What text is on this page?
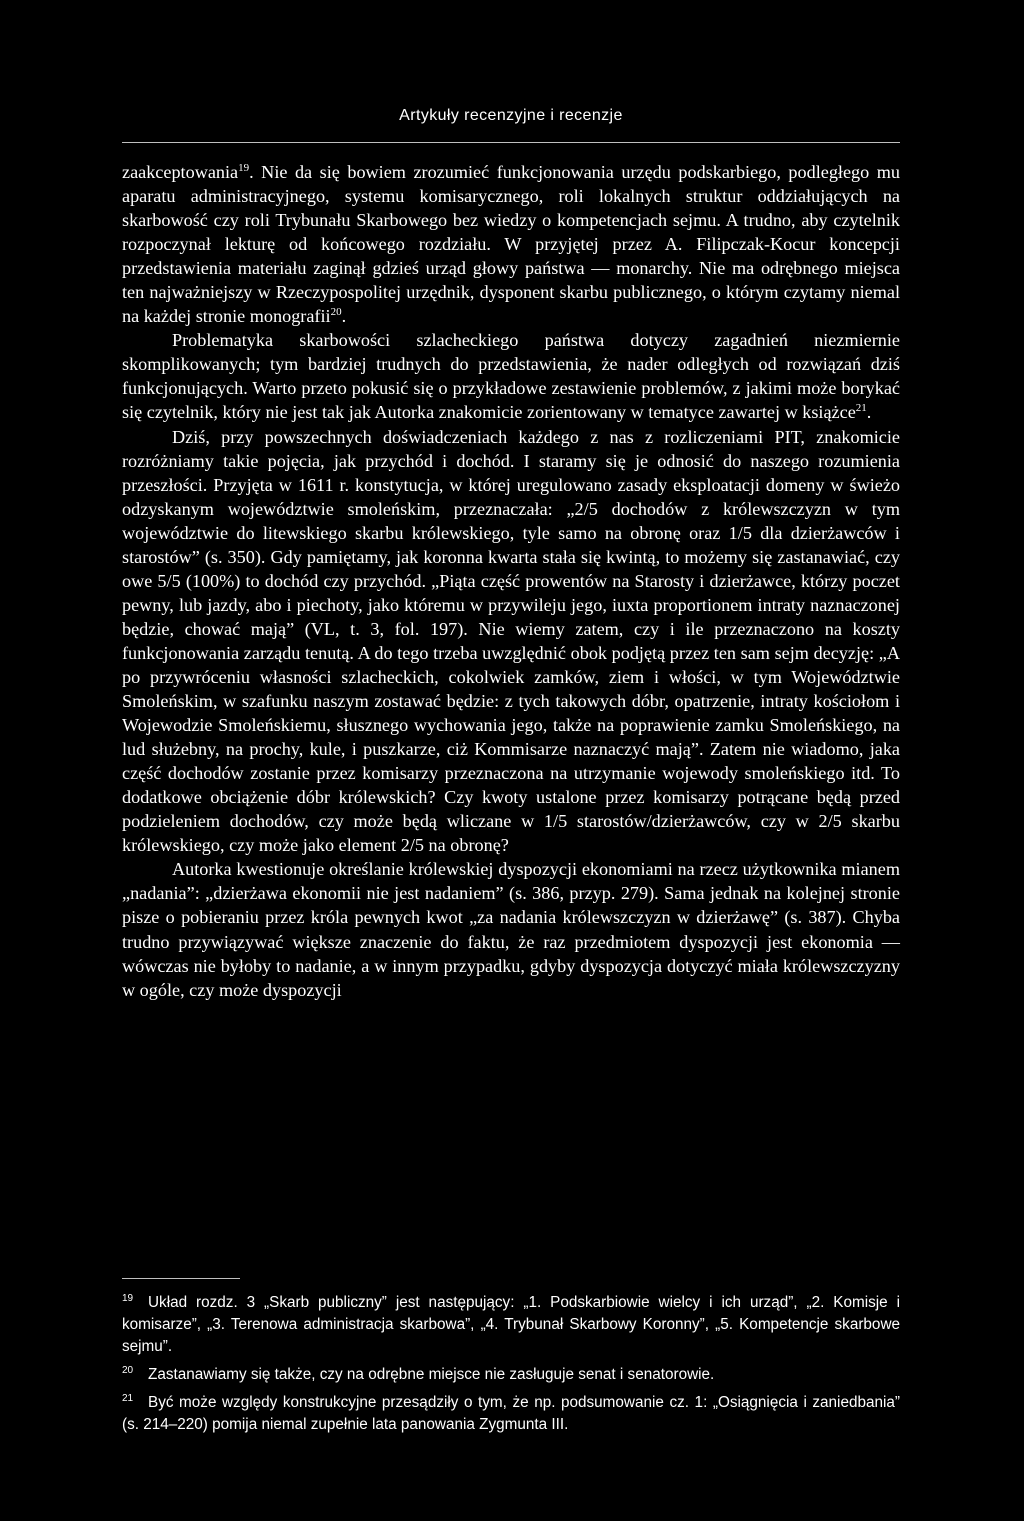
Artykuły recenzyjne i recenzje

zaakceptowania$^{19}$. Nie da się bowiem zrozumieć funkcjonowania urzędu podskarbiego, podległego mu aparatu administracyjnego, systemu komisarycznego, roli lokalnych struktur oddziałujących na skarbowość czy roli Trybunału Skarbowego bez wiedzy o kompetencjach sejmu. A trudno, aby czytelnik rozpoczynał lekturę od końcowego rozdziału. W przyjętej przez A. Filipczak-Kocur koncepcji przedstawienia materiału zaginął gdzieś urząd głowy państwa — monarchy. Nie ma odrębnego miejsca ten najważniejszy w Rzeczypospolitej urzędnik, dysponent skarbu publicznego, o którym czytamy niemal na każdej stronie monografii$^{20}$.

Problematyka skarbowości szlacheckiego państwa dotyczy zagadnień niezmiernie skomplikowanych; tym bardziej trudnych do przedstawienia, że nader odległych od rozwiązań dziś funkcjonujących. Warto przeto pokusić się o przykładowe zestawienie problemów, z jakimi może borykać się czytelnik, który nie jest tak jak Autorka znakomicie zorientowany w tematyce zawartej w książce$^{21}$.

Dziś, przy powszechnych doświadczeniach każdego z nas z rozliczeniami PIT, znakomicie rozróżniamy takie pojęcia, jak przychód i dochód. I staramy się je odnosić do naszego rozumienia przeszłości. Przyjęta w 1611 r. konstytucja, w której uregulowano zasady eksploatacji domeny w świeżo odzyskanym województwie smoleńskim, przeznaczała: „2/5 dochodów z królewszczyzn w tym województwie do litewskiego skarbu królewskiego, tyle samo na obronę oraz 1/5 dla dzierżawców i starostów” (s. 350). Gdy pamiętamy, jak koronna kwarta stała się kwintą, to możemy się zastanawiać, czy owe 5/5 (100%) to dochód czy przychód. „Piąta część prowentów na Starosty i dzierżawce, którzy poczet pewny, lub jazdy, abo i piechoty, jako któremu w przywileju jego, iuxta proportionem intraty naznaczonej będzie, chować mają” (VL, t. 3, fol. 197). Nie wiemy zatem, czy i ile przeznaczono na koszty funkcjonowania zarządu tenutą. A do tego trzeba uwzględnić obok podjętą przez ten sam sejm decyzję: „A po przywróceniu własności szlacheckich, cokolwiek zamków, ziem i włości, w tym Województwie Smoleńskim, w szafunku naszym zostawać będzie: z tych takowych dóbr, opatrzenie, intraty kościołom i Wojewodzie Smoleńskiemu, słusznego wychowania jego, także na poprawienie zamku Smoleńskiego, na lud służebny, na prochy, kule, i puszkarze, ciż Kommisarze naznaczyć mają”. Zatem nie wiadomo, jaka część dochodów zostanie przez komisarzy przeznaczona na utrzymanie wojewody smoleńskiego itd. To dodatkowe obciążenie dóbr królewskich? Czy kwoty ustalone przez komisarzy potrącane będą przed podzieleniem dochodów, czy może będą wliczane w 1/5 starostów/dzierżawców, czy w 2/5 skarbu królewskiego, czy może jako element 2/5 na obronę?

Autorka kwestionuje określanie królewskiej dyspozycji ekonomiami na rzecz użytkownika mianem „nadania”: „dzierżawa ekonomii nie jest nadaniem” (s. 386, przyp. 279). Sama jednak na kolejnej stronie pisze o pobieraniu przez króla pewnych kwot „za nadania królewszczyzn w dzierżawę” (s. 387). Chyba trudno przywiązywać większe znaczenie do faktu, że raz przedmiotem dyspozycji jest ekonomia — wówczas nie byłoby to nadanie, a w innym przypadku, gdyby dyspozycja dotyczyć miała królewszczyzny w ogóle, czy może dyspozycji

$^{19}$ Układ rozdz. 3 „Skarb publiczny” jest następujący: „1. Podskarbiowie wielcy i ich urząd”, „2. Komisje i komisarze”, „3. Terenowa administracja skarbowa”, „4. Trybunał Skarbowy Koronny”, „5. Kompetencje skarbowe sejmu”.

$^{20}$ Zastanawiamy się także, czy na odrębne miejsce nie zasługuje senat i senatorowie.

$^{21}$ Być może względy konstrukcyjne przesądziły o tym, że np. podsumowanie cz. 1: „Osiągnięcia i zaniedbania” (s. 214–220) pomija niemal zupełnie lata panowania Zygmunta III.
